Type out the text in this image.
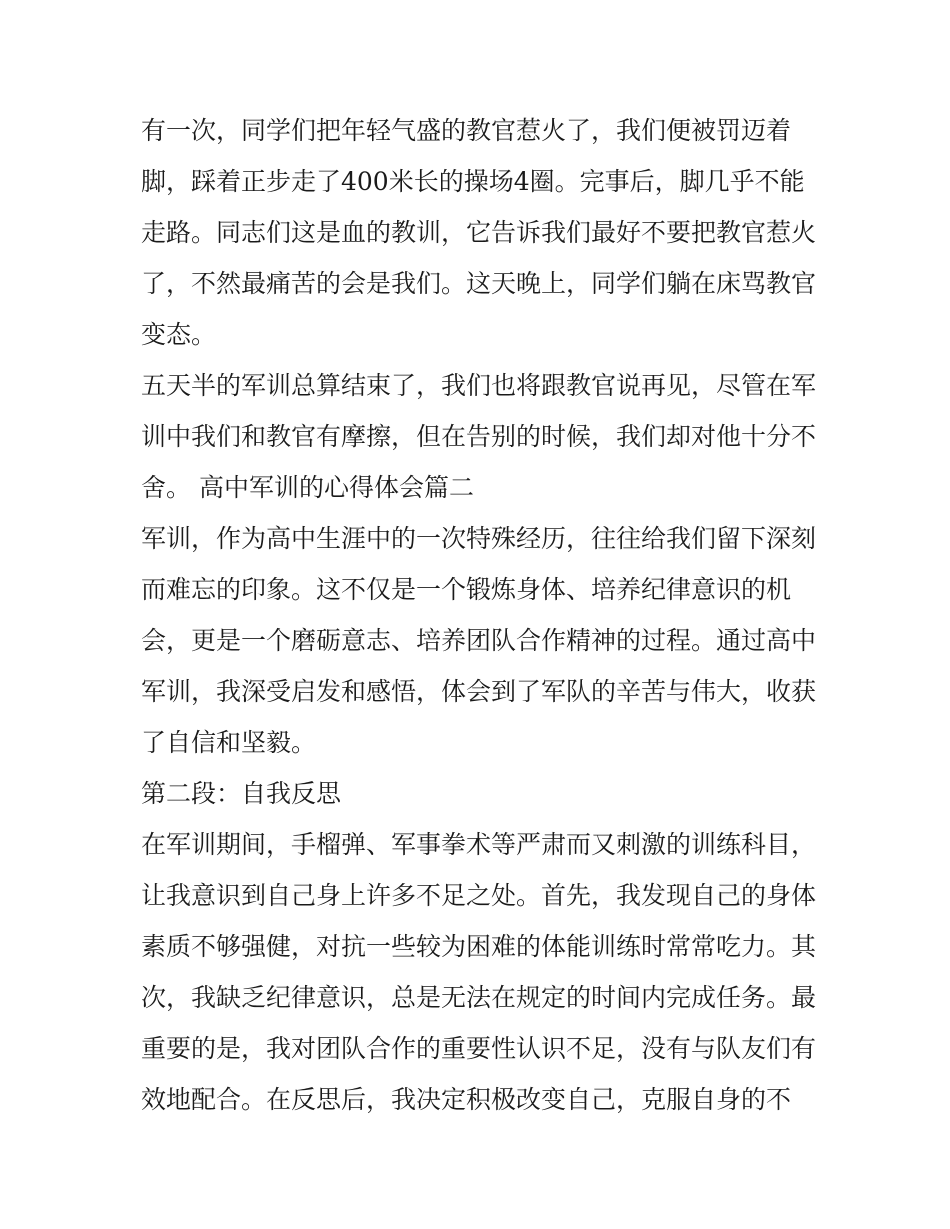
有一次，同学们把年轻气盛的教官惹火了，我们便被罚迈着
脚，踩着正步走了400米长的操场4圈。完事后，脚几乎不能
走路。同志们这是血的教训，它告诉我们最好不要把教官惹火
了，不然最痛苦的会是我们。这天晚上，同学们躺在床骂教官
变态。
五天半的军训总算结束了，我们也将跟教官说再见，尽管在军
训中我们和教官有摩擦，但在告别的时候，我们却对他十分不
舍。 高中军训的心得体会篇二
军训，作为高中生涯中的一次特殊经历，往往给我们留下深刻
而难忘的印象。这不仅是一个锻炼身体、培养纪律意识的机
会，更是一个磨砺意志、培养团队合作精神的过程。通过高中
军训，我深受启发和感悟，体会到了军队的辛苦与伟大，收获
了自信和坚毅。
第二段：自我反思
在军训期间，手榴弹、军事拳术等严肃而又刺激的训练科目，
让我意识到自己身上许多不足之处。首先，我发现自己的身体
素质不够强健，对抗一些较为困难的体能训练时常常吃力。其
次，我缺乏纪律意识，总是无法在规定的时间内完成任务。最
重要的是，我对团队合作的重要性认识不足，没有与队友们有
效地配合。在反思后，我决定积极改变自己，克服自身的不
